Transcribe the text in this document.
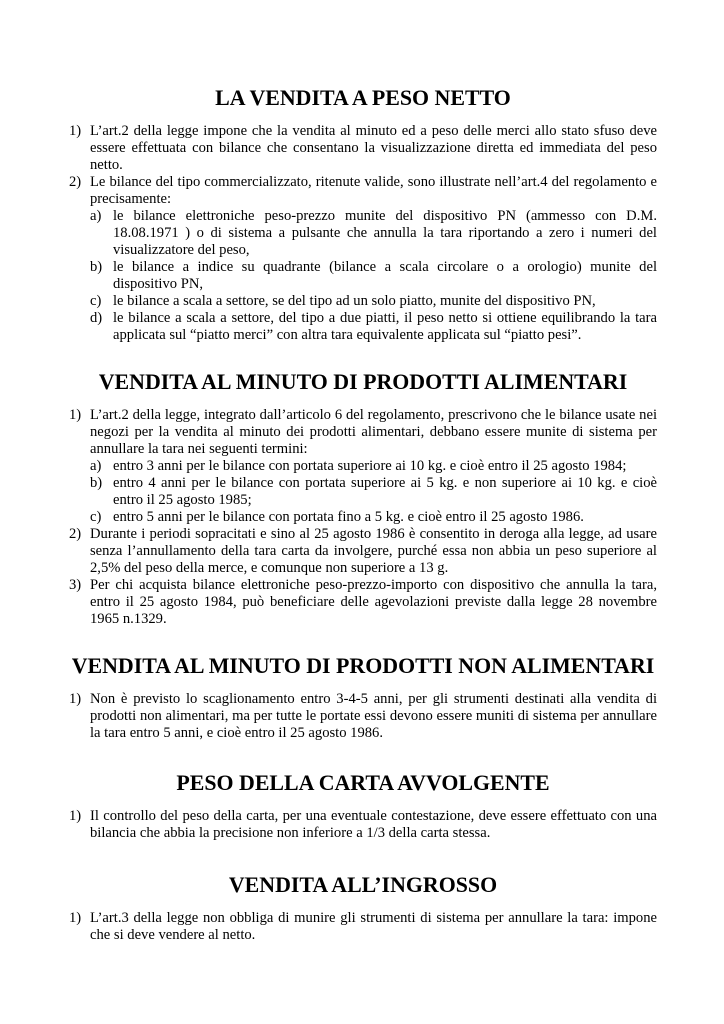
LA VENDITA A PESO NETTO
1) L’art.2 della legge impone che la vendita al minuto ed a peso delle merci allo stato sfuso deve essere effettuata con bilance che consentano la visualizzazione diretta ed immediata del peso netto.
2) Le bilance del tipo commercializzato, ritenute valide, sono illustrate nell’art.4 del regolamento e precisamente:
a) le bilance elettroniche peso-prezzo munite del dispositivo PN (ammesso con D.M. 18.08.1971 ) o di sistema a pulsante che annulla la tara riportando a zero i numeri del visualizzatore del peso,
b) le bilance a indice su quadrante (bilance a scala circolare o a orologio) munite del dispositivo PN,
c) le bilance a scala a settore, se del tipo ad un solo piatto, munite del dispositivo PN,
d) le bilance a scala a settore, del tipo a due piatti, il peso netto si ottiene equilibrando la tara applicata sul “piatto merci” con altra tara equivalente applicata sul “piatto pesi”.
VENDITA AL MINUTO DI PRODOTTI ALIMENTARI
1) L’art.2 della legge, integrato dall’articolo 6 del regolamento, prescrivono che le bilance usate nei negozi per la vendita al minuto dei prodotti alimentari, debbano essere munite di sistema per annullare la tara nei seguenti termini:
a) entro 3 anni per le bilance con portata superiore ai 10 kg. e cioè entro il 25 agosto 1984;
b) entro 4 anni per le bilance con portata superiore ai 5 kg. e non superiore ai 10 kg. e cioè entro il 25 agosto 1985;
c) entro 5 anni per le bilance con portata fino a 5 kg. e cioè entro il 25 agosto 1986.
2) Durante i periodi sopracitati e sino al 25 agosto 1986 è consentito in deroga alla legge, ad usare senza l’annullamento della tara carta da involgere, purché essa non abbia un peso superiore al 2,5% del peso della merce, e comunque non superiore a 13 g.
3) Per chi acquista bilance elettroniche peso-prezzo-importo con dispositivo che annulla la tara, entro il 25 agosto 1984, può beneficiare delle agevolazioni previste dalla legge 28 novembre 1965 n.1329.
VENDITA AL MINUTO DI PRODOTTI NON ALIMENTARI
1) Non è previsto lo scaglionamento entro 3-4-5 anni, per gli strumenti destinati alla vendita di prodotti non alimentari, ma per tutte le portate essi devono essere muniti di sistema per annullare la tara entro 5 anni, e cioè entro il 25 agosto 1986.
PESO DELLA CARTA AVVOLGENTE
1) Il controllo del peso della carta, per una eventuale contestazione, deve essere effettuato con una bilancia che abbia la precisione non inferiore a 1/3 della carta stessa.
VENDITA ALL’INGROSSO
1) L’art.3 della legge non obbliga di munire gli strumenti di sistema per annullare la tara: impone che si deve vendere al netto.
